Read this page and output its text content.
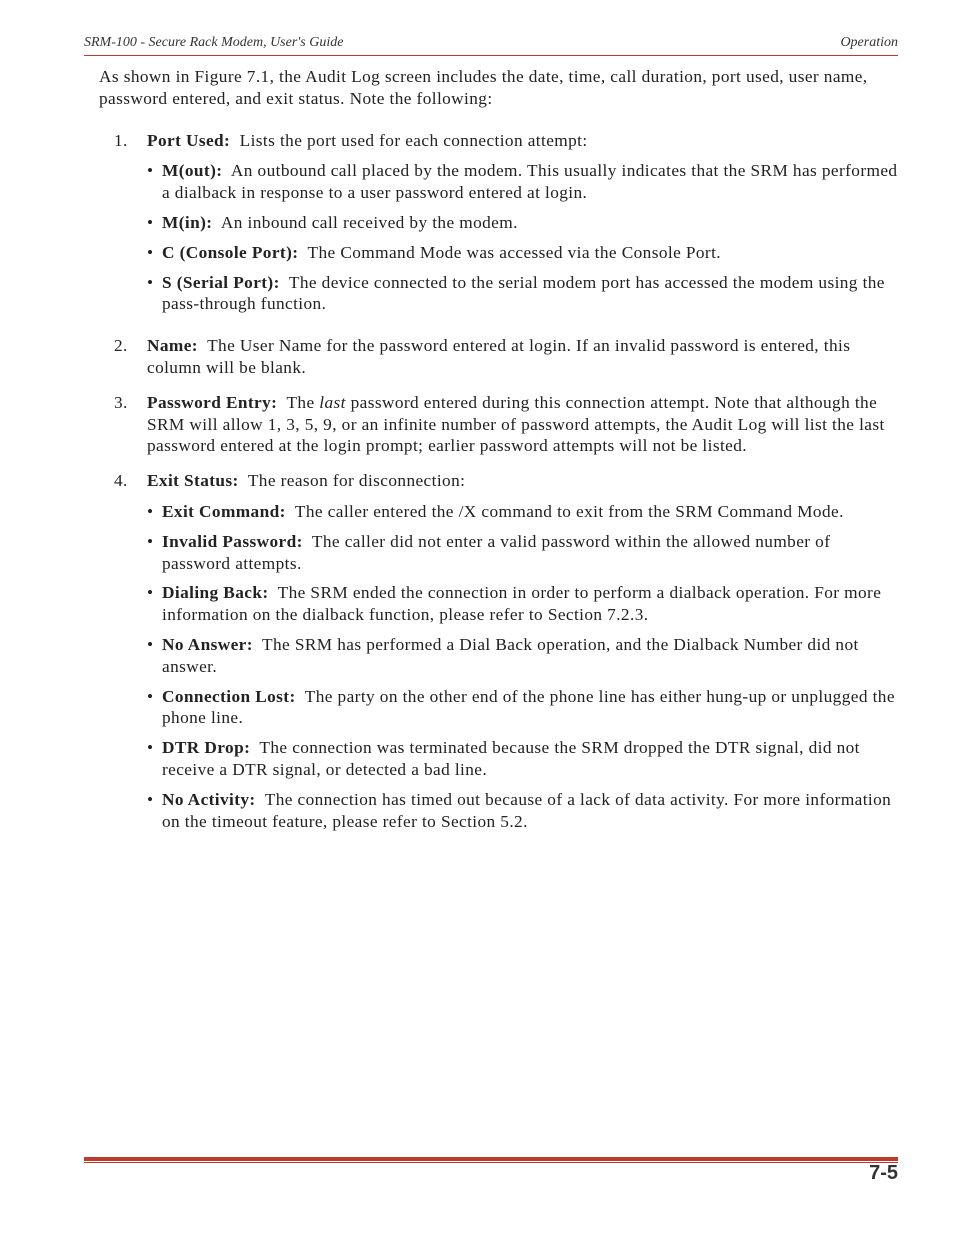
SRM-100 - Secure Rack Modem, User's Guide	Operation

As shown in Figure 7.1, the Audit Log screen includes the date, time, call duration, port used, user name, password entered, and exit status. Note the following:

1. Port Used: Lists the port used for each connection attempt:
• M(out): An outbound call placed by the modem. This usually indicates that the SRM has performed a dialback in response to a user password entered at login.
• M(in): An inbound call received by the modem.
• C (Console Port): The Command Mode was accessed via the Console Port.
• S (Serial Port): The device connected to the serial modem port has accessed the modem using the pass-through function.
2. Name: The User Name for the password entered at login. If an invalid password is entered, this column will be blank.
3. Password Entry: The last password entered during this connection attempt. Note that although the SRM will allow 1, 3, 5, 9, or an infinite number of password attempts, the Audit Log will list the last password entered at the login prompt; earlier password attempts will not be listed.
4. Exit Status: The reason for disconnection:
• Exit Command: The caller entered the /X command to exit from the SRM Command Mode.
• Invalid Password: The caller did not enter a valid password within the allowed number of password attempts.
• Dialing Back: The SRM ended the connection in order to perform a dialback operation. For more information on the dialback function, please refer to Section 7.2.3.
• No Answer: The SRM has performed a Dial Back operation, and the Dialback Number did not answer.
• Connection Lost: The party on the other end of the phone line has either hung-up or unplugged the phone line.
• DTR Drop: The connection was terminated because the SRM dropped the DTR signal, did not receive a DTR signal, or detected a bad line.
• No Activity: The connection has timed out because of a lack of data activity. For more information on the timeout feature, please refer to Section 5.2.
7-5
